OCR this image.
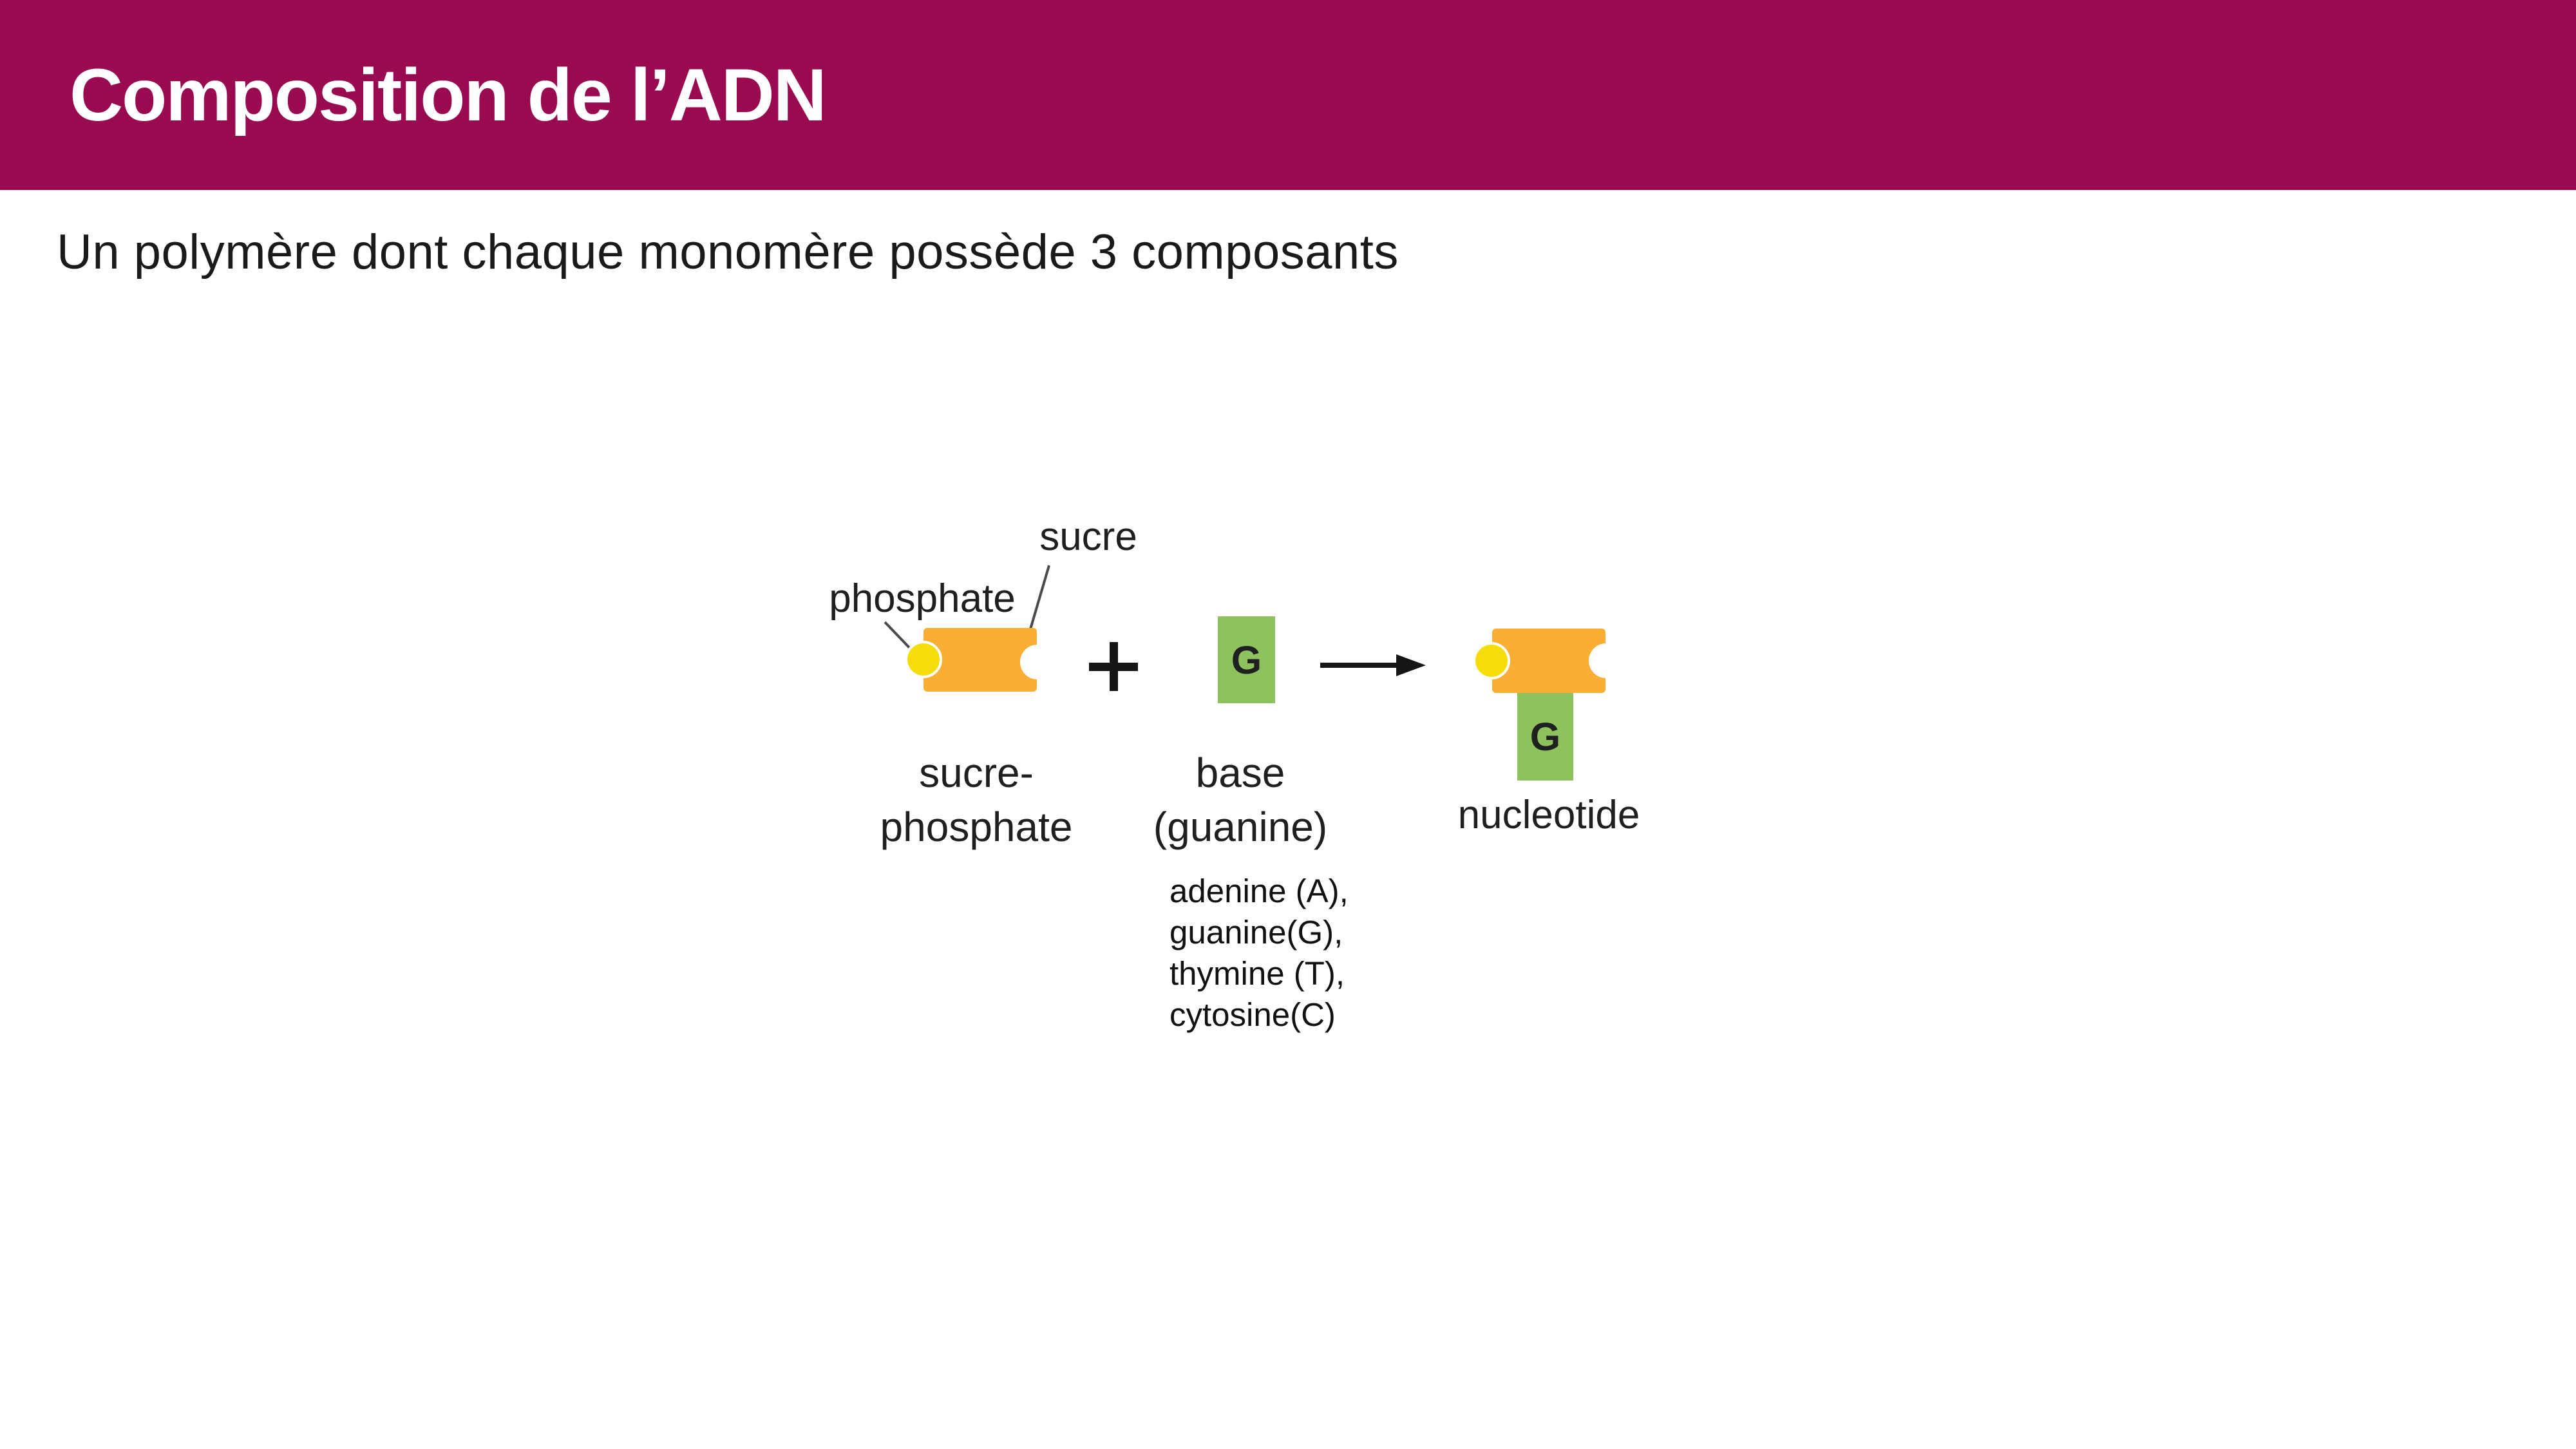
Composition de l’ADN
Un polymère dont chaque monomère possède 3 composants
sucre
phosphate
G
G
sucre-
phosphate
base
(guanine)	nucleotide
adenine (A),
guanine(G),
thymine (T),
cytosine(C)
